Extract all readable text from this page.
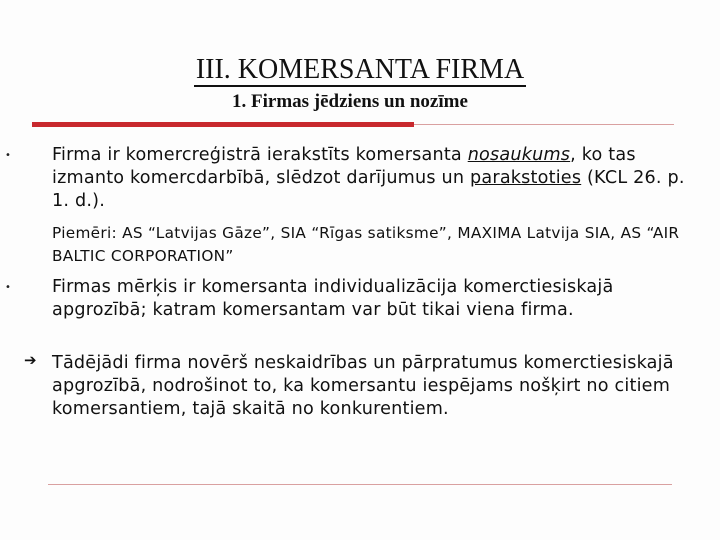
III. KOMERSANTA FIRMA
1. Firmas jēdziens un nozīme
• Firma ir komercreģistrā ierakstīts komersanta nosaukums, ko tas izmanto komercdarbībā, slēdzot darījumus un parakstoties (KCL 26. p. 1. d.).
Piemēri: AS “Latvijas Gāze”, SIA “Rīgas satiksme”, MAXIMA Latvija SIA, AS “AIR BALTIC CORPORATION”
• Firmas mērķis ir komersanta individualizācija komerctiesiskajā apgrozībā; katram komersantam var būt tikai viena firma.
➔ Tādējādi firma novērš neskaidrības un pārpratumus komerctiesiskajā apgrozībā, nodrošinot to, ka komersantu iespējams nošķirt no citiem komersantiem, tajā skaitā no konkurentiem.
